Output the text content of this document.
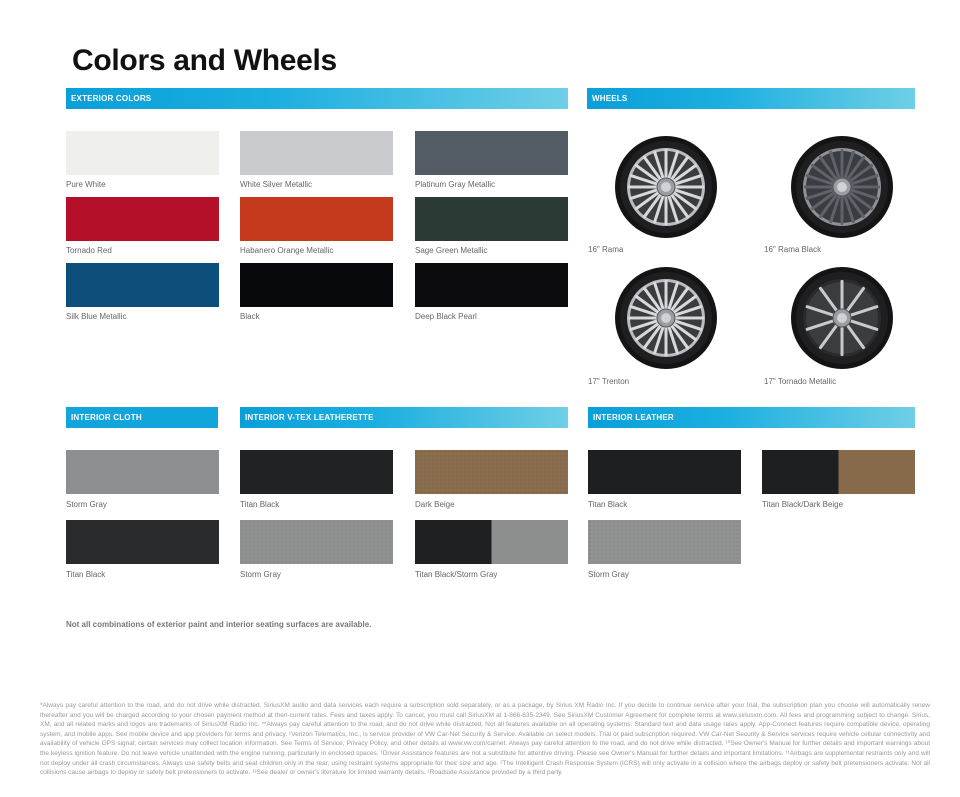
Colors and Wheels
EXTERIOR COLORS	WHEELS
INTERIOR CLOTH	INTERIOR V-TEX LEATHERETTE	INTERIOR LEATHER
Pure White	White Silver Metallic	Platinum Gray Metallic
Tornado Red	Habanero Orange Metallic	Sage Green Metallic
Silk Blue Metallic	Black	Deep Black Pearl
16" Rama	16" Rama Black
17" Trenton	17" Tornado Metallic
Storm Gray
Titan Black
Titan Black	Dark Beige
Storm Gray	Titan Black/Storm Gray
Titan Black	Titan Black/Dark Beige
Storm Gray
Not all combinations of exterior paint and interior seating surfaces are available.
*Always pay careful attention to the road, and do not drive while distracted. SiriusXM audio and data services each require a subscription sold separately, or as a package, by Sirius XM Radio Inc. If you decide to continue service after your trial, the subscription plan you choose will automatically renew thereafter and you will be charged according to your chosen payment method at then-current rates. Fees and taxes apply. To cancel, you must call SiriusXM at 1-866-635-2349. See SiriusXM Customer Agreement for complete terms at www.siriusxm.com. All fees and programming subject to change. Sirius, XM, and all related marks and logos are trademarks of SiriusXM Radio Inc. **Always pay careful attention to the road, and do not drive while distracted. Not all features available on all operating systems. Standard text and data usage rates apply. App-Connect features require compatible device, operating system, and mobile apps. See mobile device and app providers for terms and privacy. ¹Verizon Telematics, Inc., is service provider of VW Car-Net Security & Service. Available on select models. Trial or paid subscription required. VW Car-Net Security & Service services require vehicle cellular connectivity and availability of vehicle GPS signal; certain services may collect location information. See Terms of Service, Privacy Policy, and other details at www.vw.com/carnet. Always pay careful attention to the road, and do not drive while distracted. ¹⁰See Owner's Manual for further details and important warnings about the keyless ignition feature. Do not leave vehicle unattended with the engine running, particularly in enclosed spaces. ¹Driver Assistance features are not a substitute for attentive driving. Please see Owner's Manual for further details and important limitations. ¹¹Airbags are supplemental restraints only and will not deploy under all crash circumstances. Always use safety belts and seat children only in the rear, using restraint systems appropriate for their size and age. ²The Intelligent Crash Response System (ICRS) will only activate in a collision where the airbags deploy or safety belt pretensioners activate. Not all collisions cause airbags to deploy or safety belt pretensioners to activate. ¹³See dealer or owner's literature for limited warranty details. ¹Roadside Assistance provided by a third party.
